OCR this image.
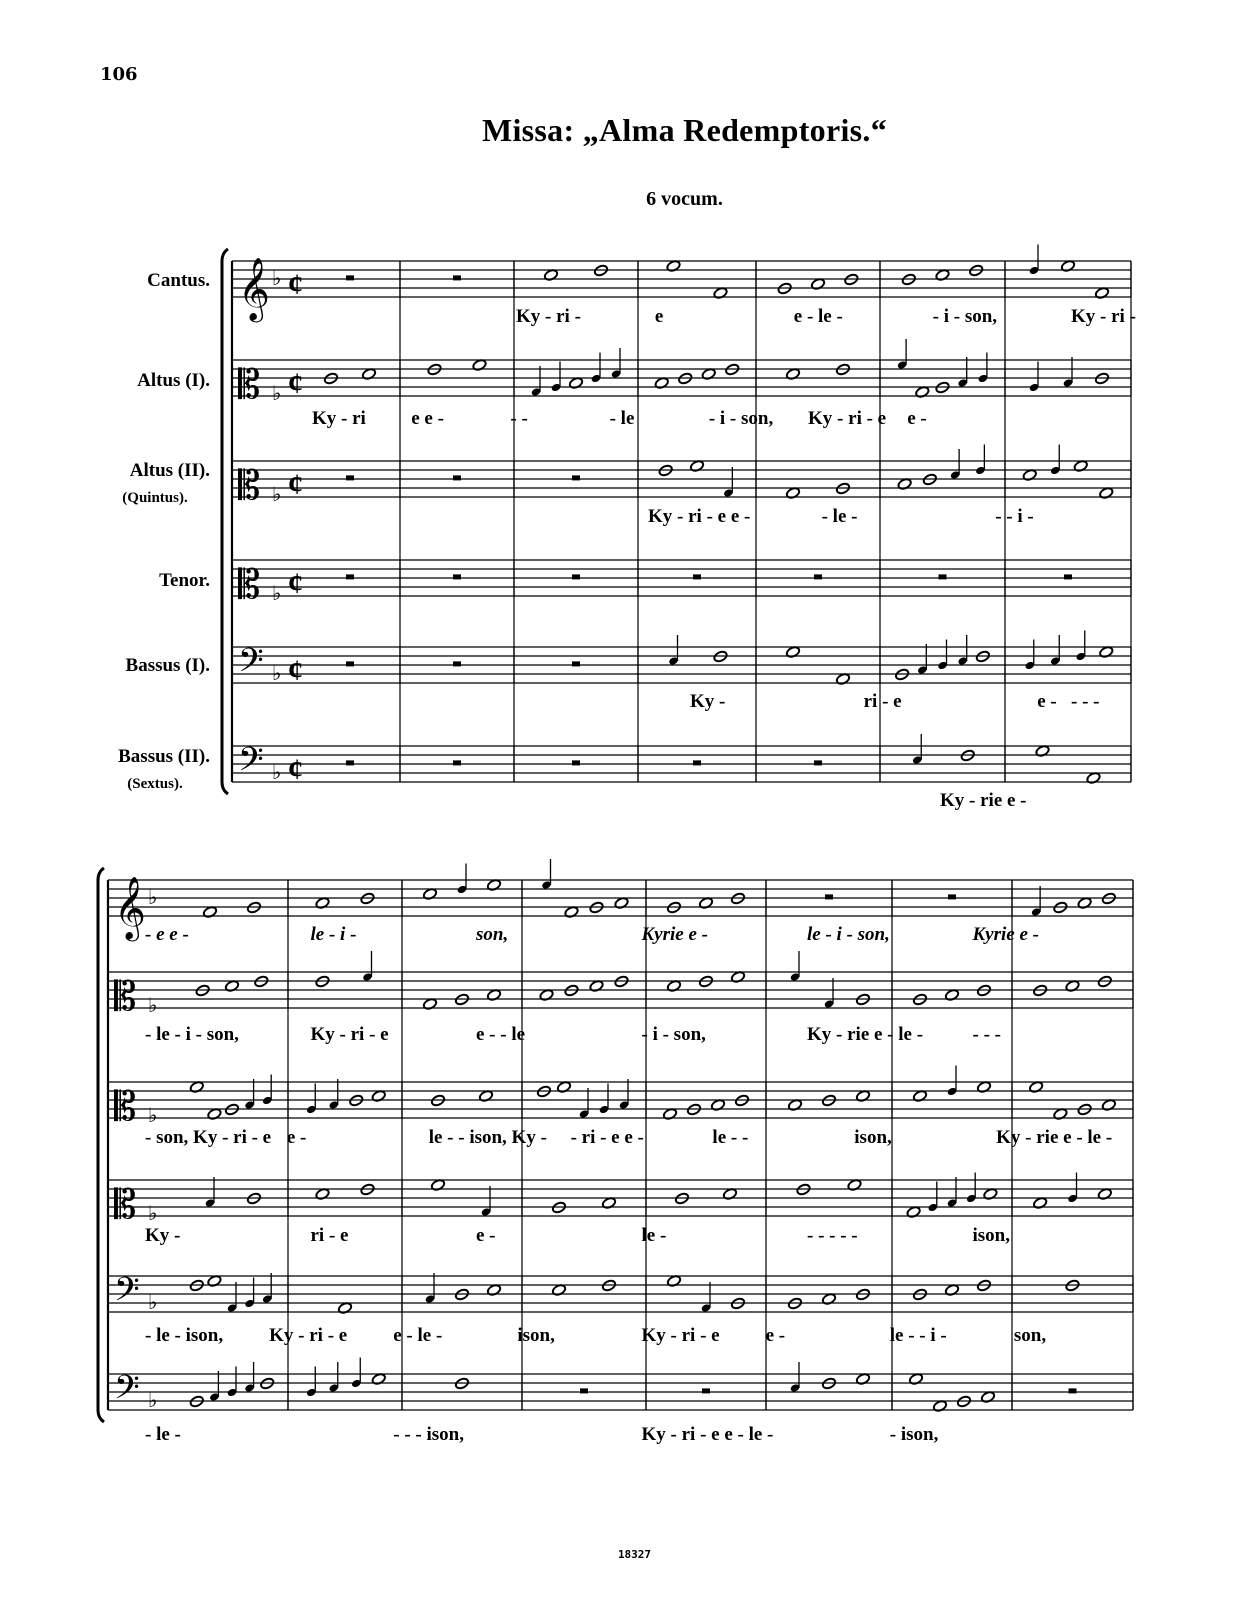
106
Missa: „Alma Redemptoris.“
6 vocum.
Cantus.
Altus (I).
Altus (II).
(Quintus).
Tenor.
Bassus (I).
Bassus (II).
(Sextus).
𝄞 ♭ ¢
𝄡 ♭ ¢
𝄡 ♭ ¢
𝄡 ♭ ¢
𝄢 ♭ ¢
𝄢 ♭ ¢
𝄞 ♭
𝄡 ♭
𝄡 ♭
𝄡 ♭
𝄢 ♭
𝄢 ♭
Ky - ri -	e	e - le -	- i - son,	Ky - ri -
Ky - ri e e -	- -	- le	- i - son, Ky - ri - e e -
Ky - ri - e e -	- le -	- - i -
Ky -	ri - e	e - - - -
Ky - rie e -
- e e -	le - i -	son,	Kyrie e -	le - i - son,	Kyrie e -
- le - i - son,	Ky - ri - e	e - - le	- i - son,	Ky - rie e - le -	- - -
- son, Ky - ri - e e -	le - - ison, Ky - - ri - e e -	le - -	ison,	Ky - rie e - le -
Ky -	ri - e	e -	le -	- - - - -	ison,
- le - ison, Ky - ri - e e - le -	ison,	Ky - ri - e e -	le - - i -	son,
- le -	- - - ison,	Ky - ri - e e - le -	- ison,
18327
